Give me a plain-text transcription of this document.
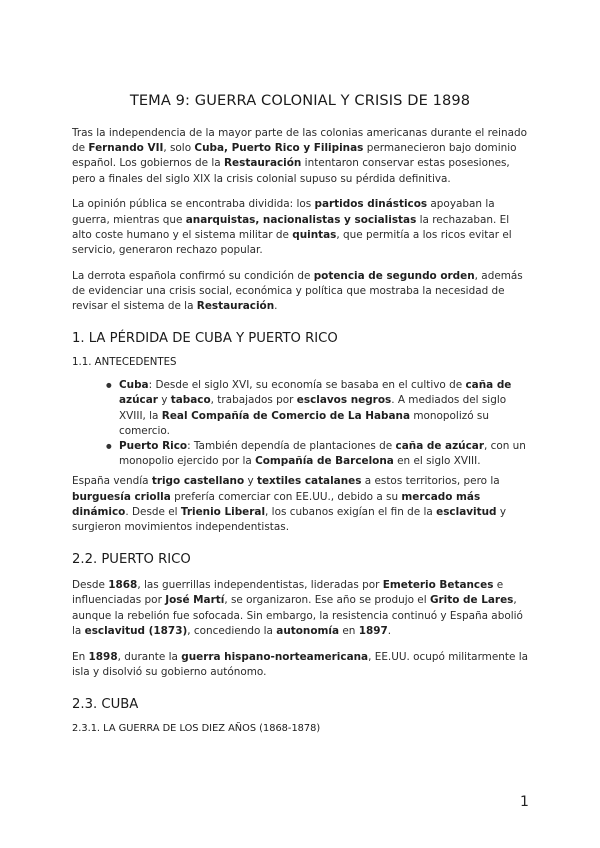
TEMA 9: GUERRA COLONIAL Y CRISIS DE 1898

Tras la independencia de la mayor parte de las colonias americanas durante el reinado de Fernando VII, solo Cuba, Puerto Rico y Filipinas permanecieron bajo dominio español. Los gobiernos de la Restauración intentaron conservar estas posesiones, pero a finales del siglo XIX la crisis colonial supuso su pérdida definitiva.

La opinión pública se encontraba dividida: los partidos dinásticos apoyaban la guerra, mientras que anarquistas, nacionalistas y socialistas la rechazaban. El alto coste humano y el sistema militar de quintas, que permitía a los ricos evitar el servicio, generaron rechazo popular.

La derrota española confirmó su condición de potencia de segundo orden, además de evidenciar una crisis social, económica y política que mostraba la necesidad de revisar el sistema de la Restauración.

1. LA PÉRDIDA DE CUBA Y PUERTO RICO
1.1. ANTECEDENTES
● Cuba: Desde el siglo XVI, su economía se basaba en el cultivo de caña de azúcar y tabaco, trabajados por esclavos negros. A mediados del siglo XVIII, la Real Compañía de Comercio de La Habana monopolizó su comercio.
● Puerto Rico: También dependía de plantaciones de caña de azúcar, con un monopolio ejercido por la Compañía de Barcelona en el siglo XVIII.

España vendía trigo castellano y textiles catalanes a estos territorios, pero la burguesía criolla prefería comerciar con EE.UU., debido a su mercado más dinámico. Desde el Trienio Liberal, los cubanos exigían el fin de la esclavitud y surgieron movimientos independentistas.

2.2. PUERTO RICO

Desde 1868, las guerrillas independentistas, lideradas por Emeterio Betances e influenciadas por José Martí, se organizaron. Ese año se produjo el Grito de Lares, aunque la rebelión fue sofocada. Sin embargo, la resistencia continuó y España abolió la esclavitud (1873), concediendo la autonomía en 1897.

En 1898, durante la guerra hispano-norteamericana, EE.UU. ocupó militarmente la isla y disolvió su gobierno autónomo.

2.3. CUBA
2.3.1. LA GUERRA DE LOS DIEZ AÑOS (1868-1878)
1
